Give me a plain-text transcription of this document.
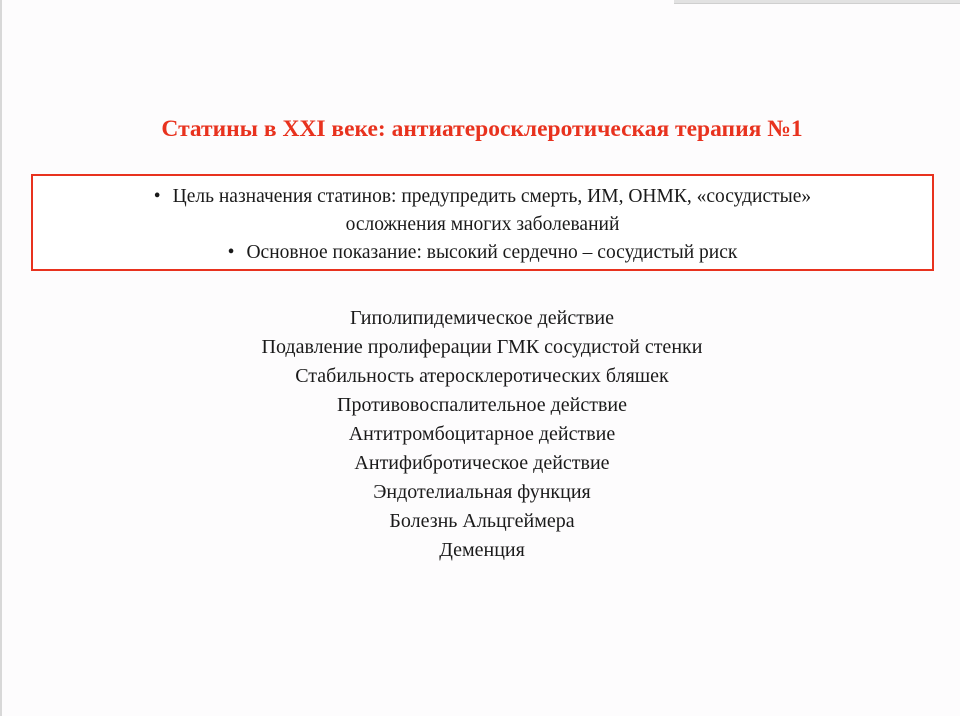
Статины в XXI веке: антиатеросклеротическая терапия №1
• Цель назначения статинов: предупредить смерть, ИМ, ОНМК, «сосудистые»
осложнения многих заболеваний
• Основное показание: высокий сердечно – сосудистый риск
Гиполипидемическое действие
Подавление пролиферации ГМК сосудистой стенки
Стабильность атеросклеротических бляшек
Противовоспалительное действие
Антитромбоцитарное действие
Антифибротическое действие
Эндотелиальная функция
Болезнь Альцгеймера
Деменция
